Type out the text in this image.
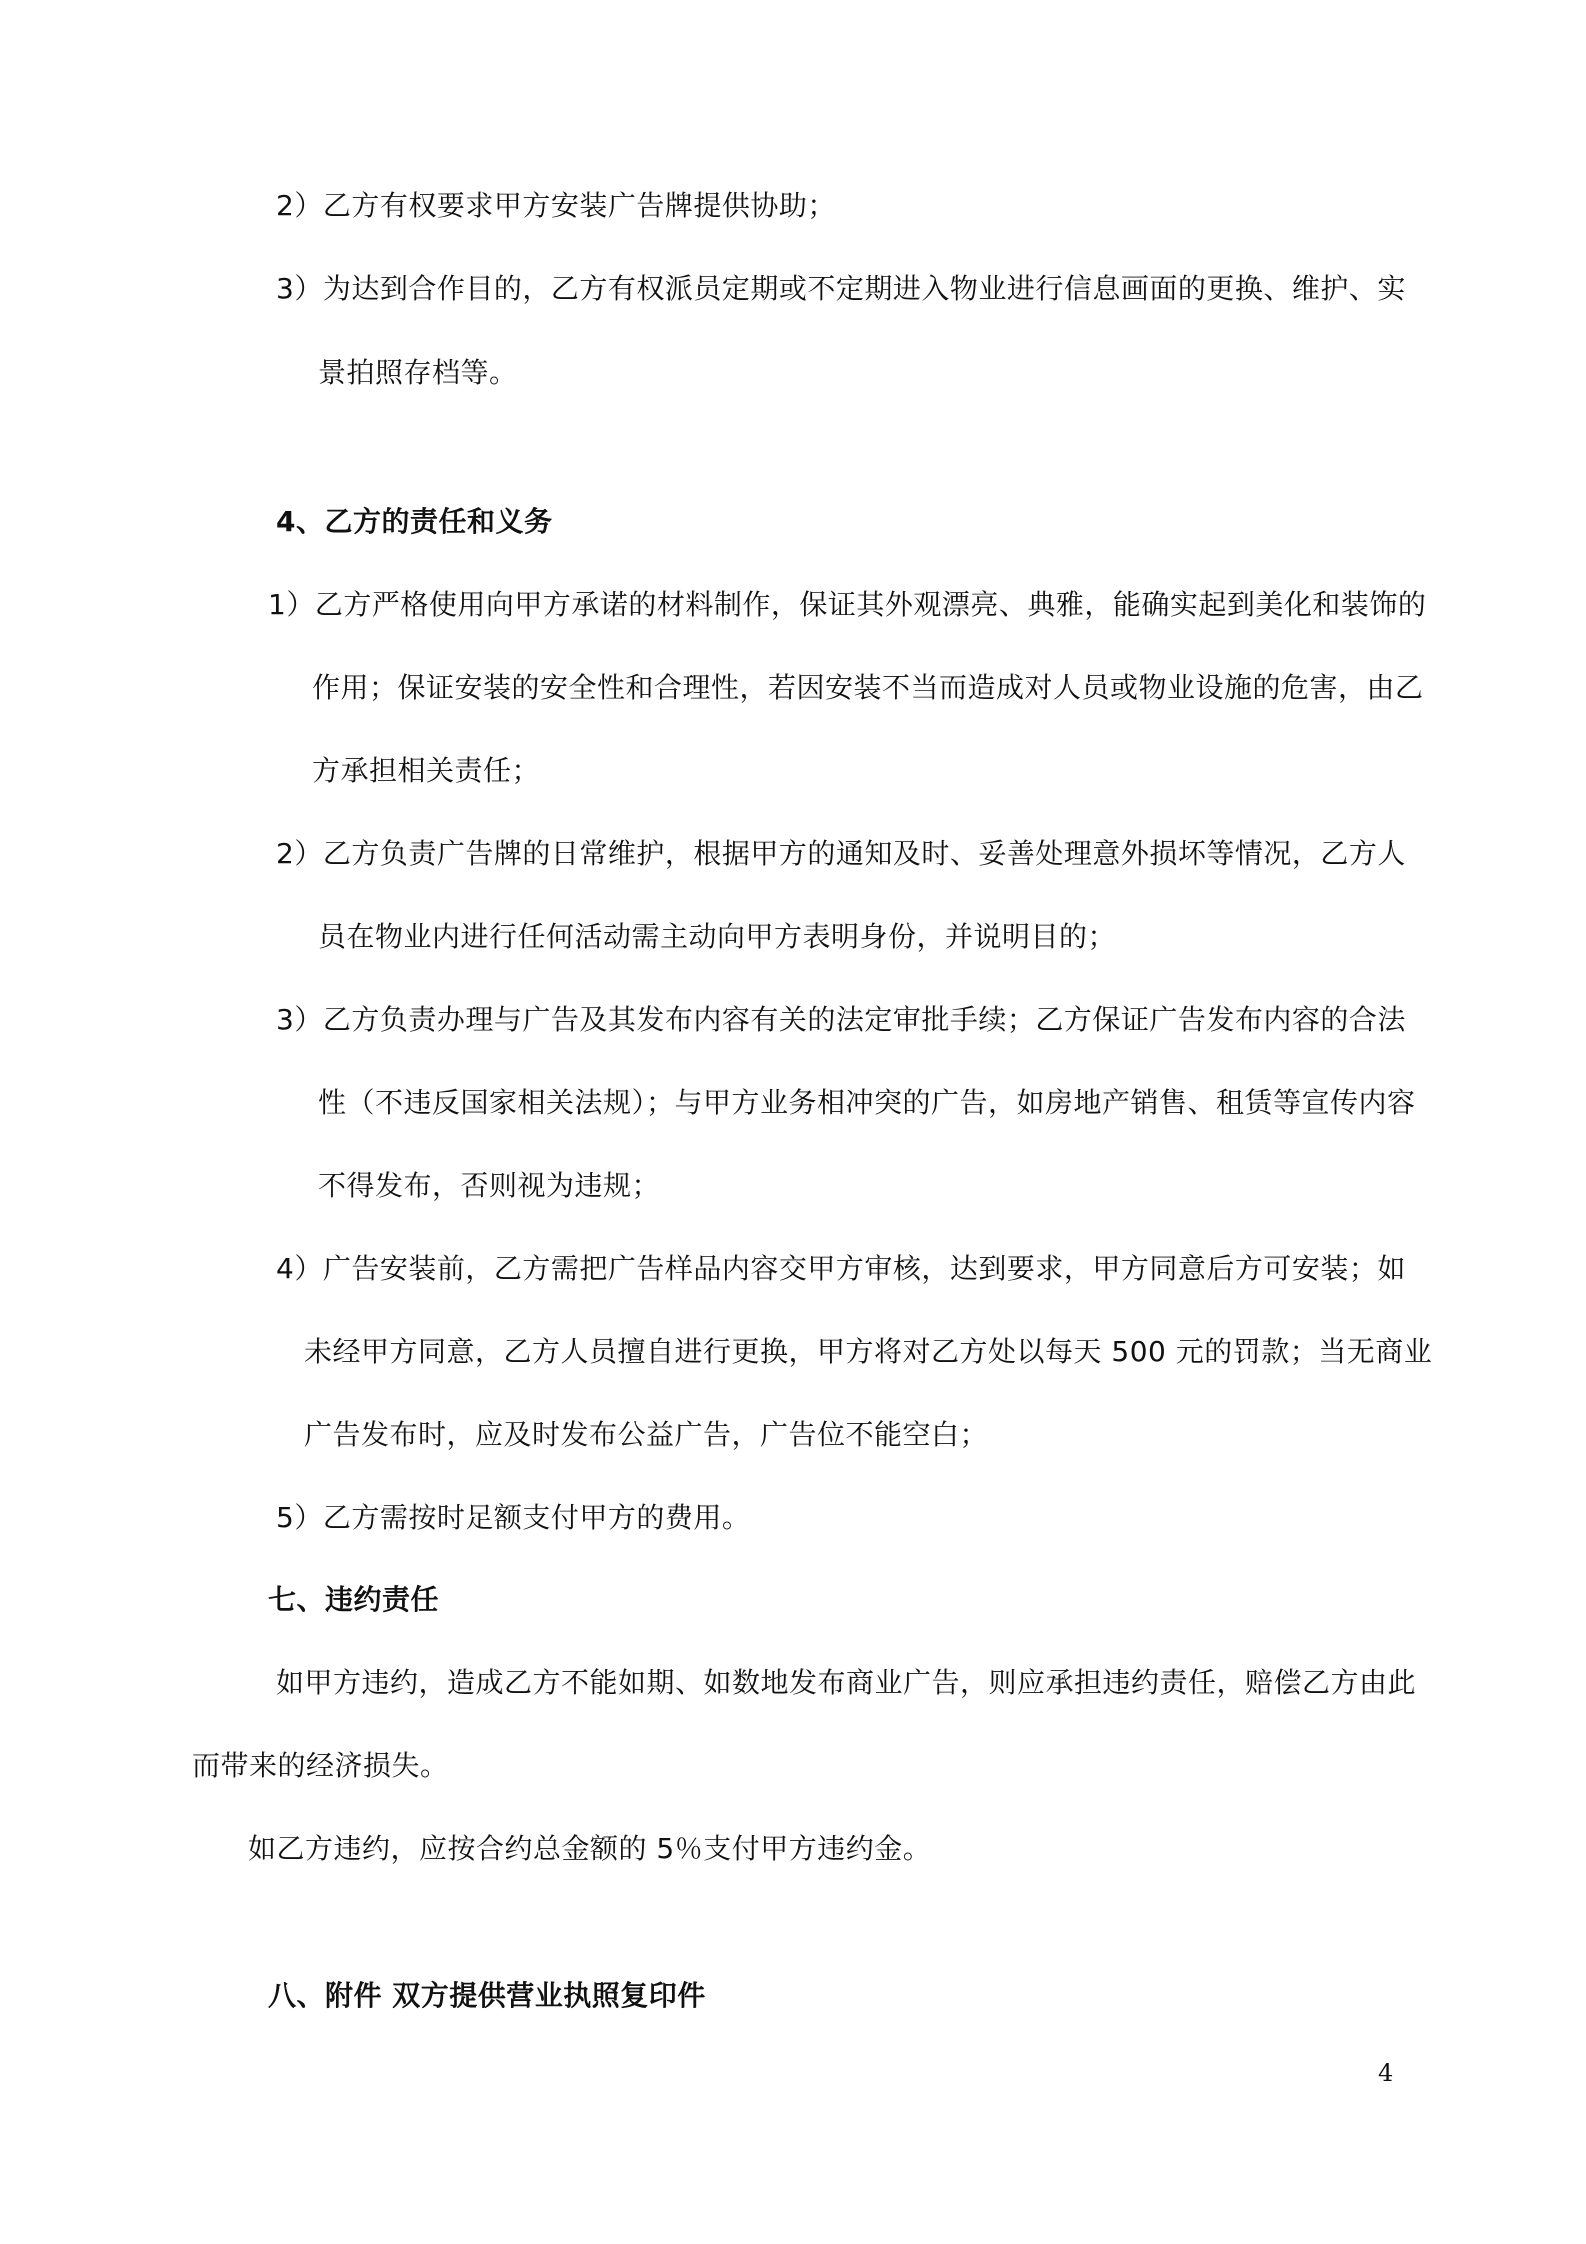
2）乙方有权要求甲方安装广告牌提供协助；
3）为达到合作目的，乙方有权派员定期或不定期进入物业进行信息画面的更换、维护、实
景拍照存档等。
4、乙方的责任和义务
1）乙方严格使用向甲方承诺的材料制作，保证其外观漂亮、典雅，能确实起到美化和装饰的
作用；保证安装的安全性和合理性，若因安装不当而造成对人员或物业设施的危害，由乙
方承担相关责任；
2）乙方负责广告牌的日常维护，根据甲方的通知及时、妥善处理意外损坏等情况，乙方人
员在物业内进行任何活动需主动向甲方表明身份，并说明目的；
3）乙方负责办理与广告及其发布内容有关的法定审批手续；乙方保证广告发布内容的合法
性（不违反国家相关法规）；与甲方业务相冲突的广告，如房地产销售、租赁等宣传内容
不得发布，否则视为违规；
4）广告安装前，乙方需把广告样品内容交甲方审核，达到要求，甲方同意后方可安装；如
未经甲方同意，乙方人员擅自进行更换，甲方将对乙方处以每天 500 元的罚款；当无商业
广告发布时，应及时发布公益广告，广告位不能空白；
5）乙方需按时足额支付甲方的费用。
七、违约责任
如甲方违约，造成乙方不能如期、如数地发布商业广告，则应承担违约责任，赔偿乙方由此
而带来的经济损失。
如乙方违约，应按合约总金额的 5％支付甲方违约金。
八、附件 双方提供营业执照复印件
4
